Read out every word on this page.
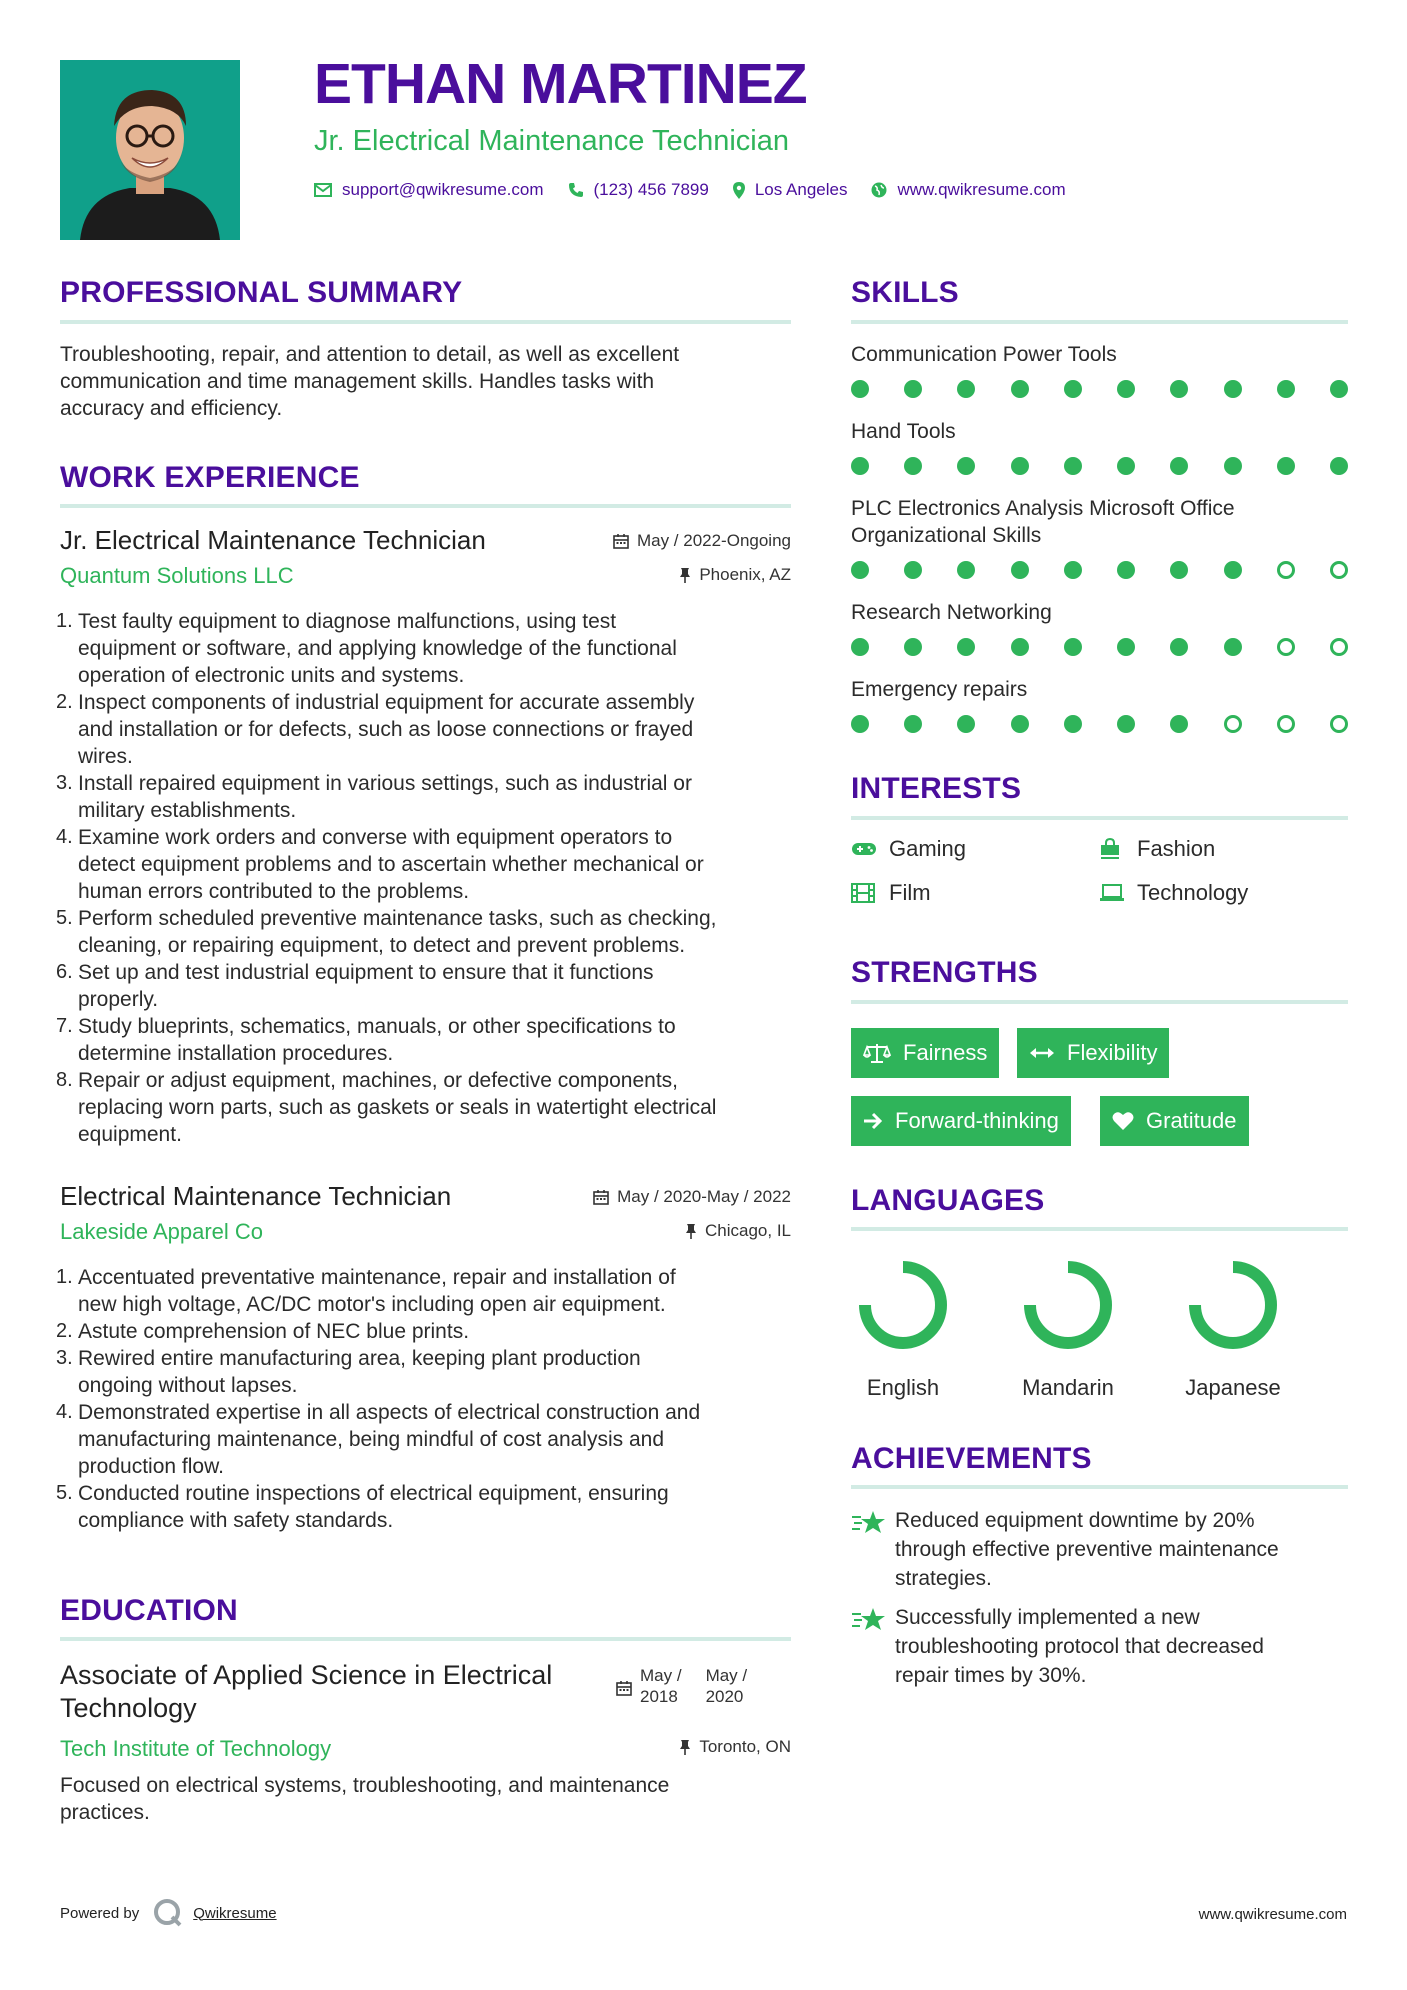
ETHAN MARTINEZ
Jr. Electrical Maintenance Technician
support@qwikresume.com	(123) 456 7899	Los Angeles	www.qwikresume.com
PROFESSIONAL SUMMARY
Troubleshooting, repair, and attention to detail, as well as excellent
communication and time management skills. Handles tasks with
accuracy and efficiency.
WORK EXPERIENCE
Jr. Electrical Maintenance Technician
Quantum Solutions LLC
May / 2022-Ongoing
Phoenix, AZ
Test faulty equipment to diagnose malfunctions, using test
equipment or software, and applying knowledge of the functional
operation of electronic units and systems.
Inspect components of industrial equipment for accurate assembly
and installation or for defects, such as loose connections or frayed
wires.
Install repaired equipment in various settings, such as industrial or
military establishments.
Examine work orders and converse with equipment operators to
detect equipment problems and to ascertain whether mechanical or
human errors contributed to the problems.
Perform scheduled preventive maintenance tasks, such as checking,
cleaning, or repairing equipment, to detect and prevent problems.
Set up and test industrial equipment to ensure that it functions
properly.
Study blueprints, schematics, manuals, or other specifications to
determine installation procedures.
Repair or adjust equipment, machines, or defective components,
replacing worn parts, such as gaskets or seals in watertight electrical
equipment.
Electrical Maintenance Technician
Lakeside Apparel Co
May / 2020-May / 2022
Chicago, IL
Accentuated preventative maintenance, repair and installation of
new high voltage, AC/DC motor's including open air equipment.
Astute comprehension of NEC blue prints.
Rewired entire manufacturing area, keeping plant production
ongoing without lapses.
Demonstrated expertise in all aspects of electrical construction and
manufacturing maintenance, being mindful of cost analysis and
production flow.
Conducted routine inspections of electrical equipment, ensuring
compliance with safety standards.
EDUCATION
Associate of Applied Science in Electrical
Technology
May /
2018
May /
2020
Tech Institute of Technology	Toronto, ON
Focused on electrical systems, troubleshooting, and maintenance
practices.
SKILLS
Communication Power Tools
Hand Tools
PLC Electronics Analysis Microsoft Office
Organizational Skills
Research Networking
Emergency repairs
INTERESTS
Gaming	Fashion
Film	Technology
STRENGTHS
Fairness	Flexibility
Forward-thinking	Gratitude
LANGUAGES
English	Mandarin	Japanese
ACHIEVEMENTS
Reduced equipment downtime by 20%
through effective preventive maintenance
strategies.
Successfully implemented a new
troubleshooting protocol that decreased
repair times by 30%.
Powered by	Qwikresume	www.qwikresume.com
